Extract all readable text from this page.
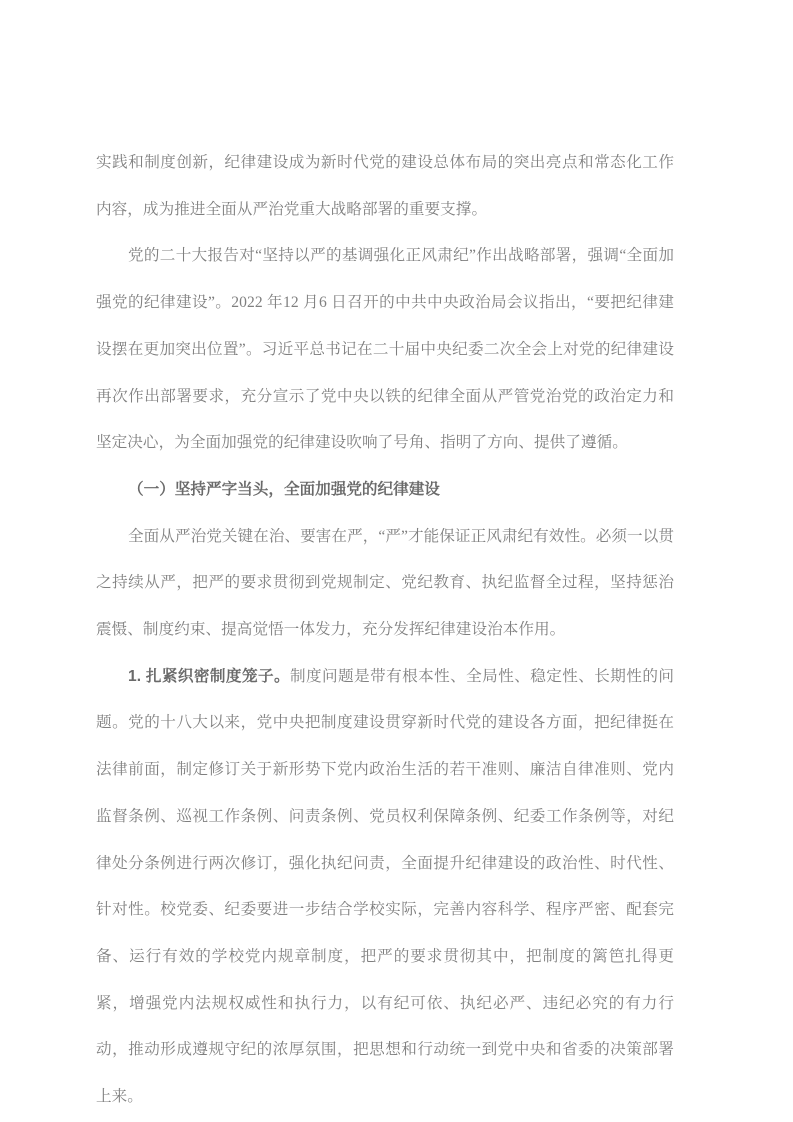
实践和制度创新，纪律建设成为新时代党的建设总体布局的突出亮点和常态化工作内容，成为推进全面从严治党重大战略部署的重要支撑。

党的二十大报告对“坚持以严的基调强化正风肃纪”作出战略部署，强调“全面加强党的纪律建设”。2022 年12 月6 日召开的中共中央政治局会议指出，“要把纪律建设摆在更加突出位置”。习近平总书记在二十届中央纪委二次全会上对党的纪律建设再次作出部署要求，充分宣示了党中央以铁的纪律全面从严管党治党的政治定力和坚定决心，为全面加强党的纪律建设吹响了号角、指明了方向、提供了遵循。

（一）坚持严字当头，全面加强党的纪律建设

全面从严治党关键在治、要害在严，“严”才能保证正风肃纪有效性。必须一以贯之持续从严，把严的要求贯彻到党规制定、党纪教育、执纪监督全过程，坚持惩治震慑、制度约束、提高觉悟一体发力，充分发挥纪律建设治本作用。

1. 扎紧织密制度笼子。制度问题是带有根本性、全局性、稳定性、长期性的问题。党的十八大以来，党中央把制度建设贯穿新时代党的建设各方面，把纪律挺在法律前面，制定修订关于新形势下党内政治生活的若干准则、廉洁自律准则、党内监督条例、巡视工作条例、问责条例、党员权利保障条例、纪委工作条例等，对纪律处分条例进行两次修订，强化执纪问责，全面提升纪律建设的政治性、时代性、针对性。校党委、纪委要进一步结合学校实际，完善内容科学、程序严密、配套完备、运行有效的学校党内规章制度，把严的要求贯彻其中，把制度的篱笆扎得更紧，增强党内法规权威性和执行力，以有纪可依、执纪必严、违纪必究的有力行动，推动形成遵规守纪的浓厚氛围，把思想和行动统一到党中央和省委的决策部署上来。
